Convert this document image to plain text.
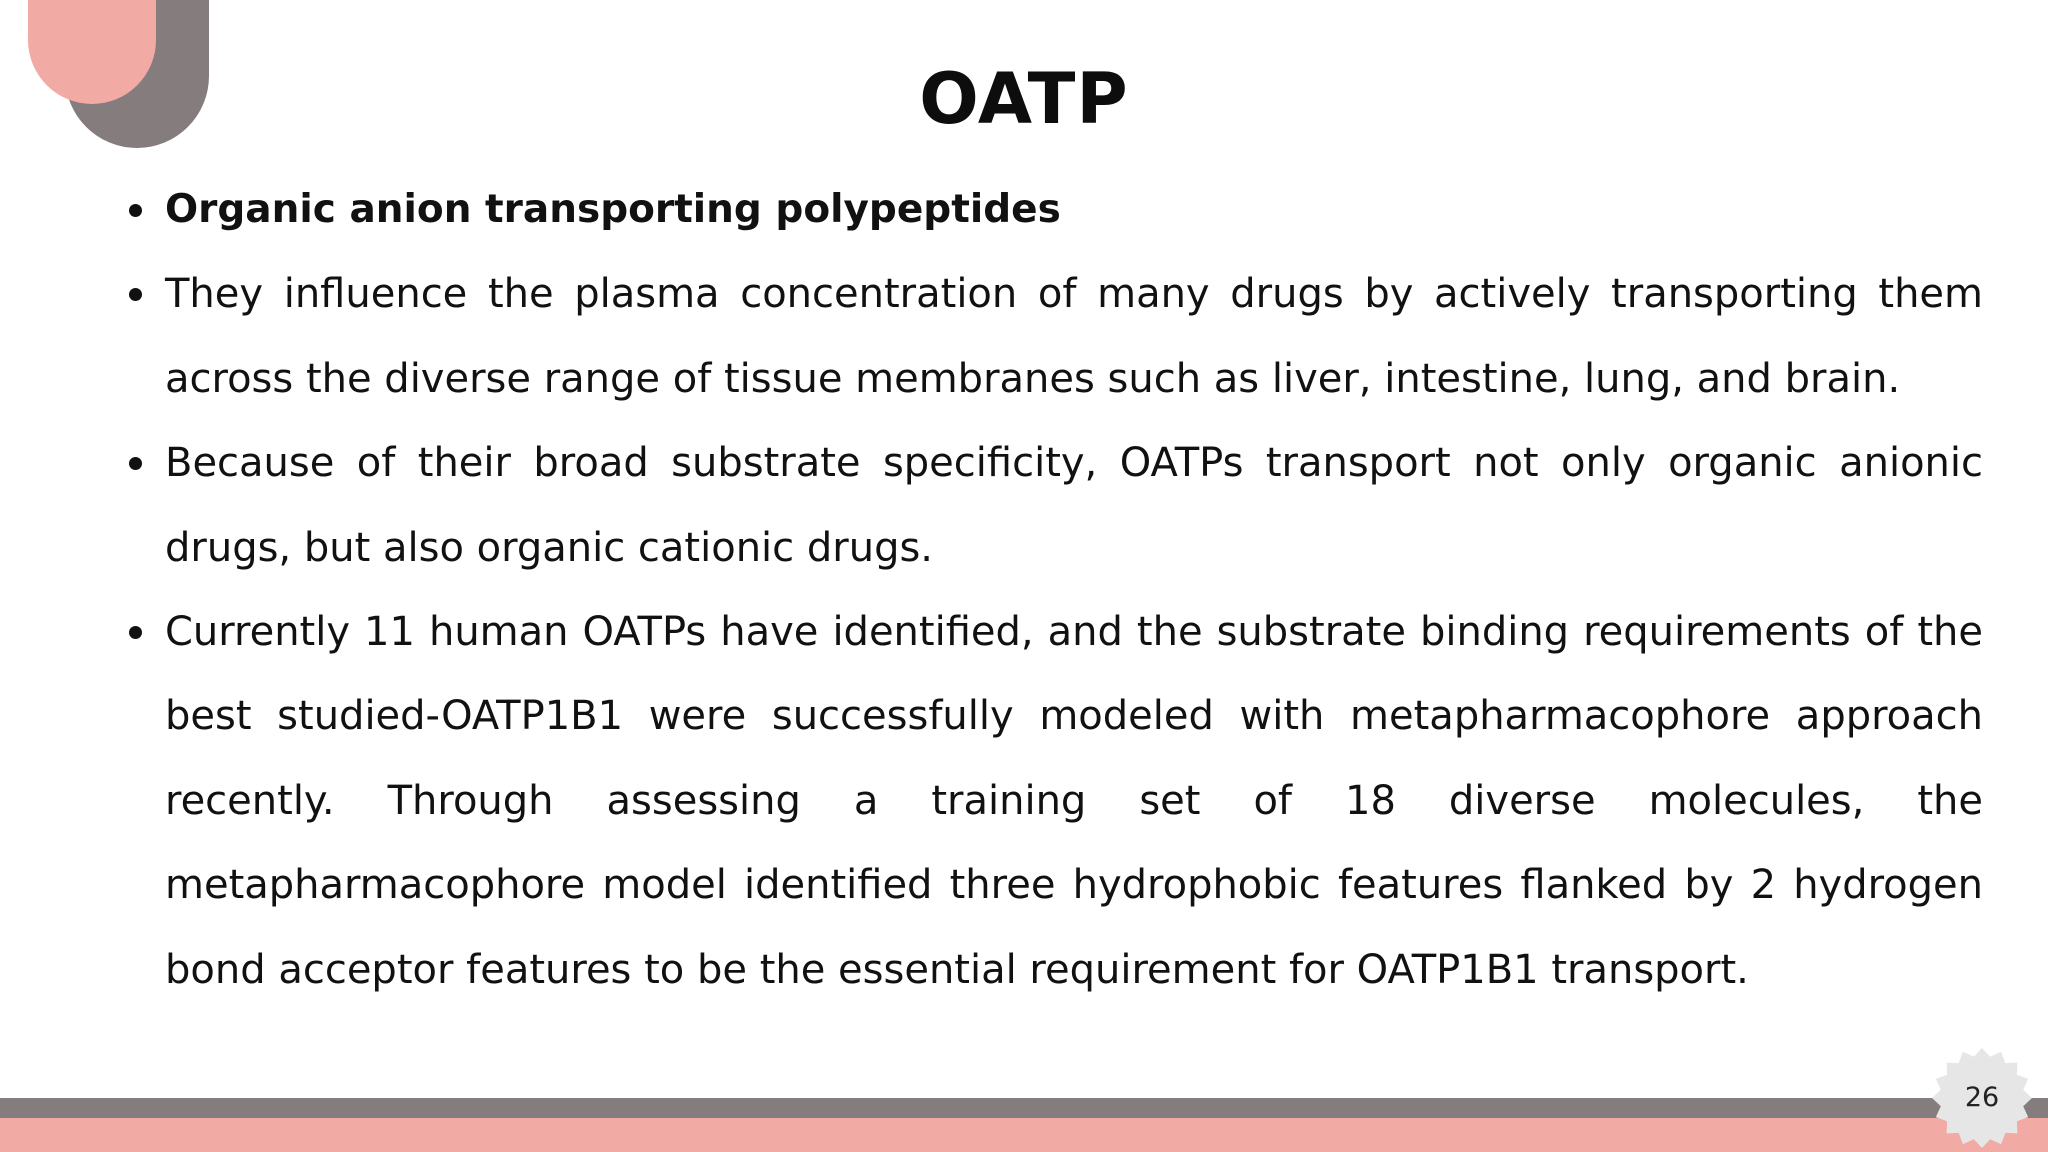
OATP
Organic anion transporting polypeptides
They influence the plasma concentration of many drugs by actively transporting them across the diverse range of tissue membranes such as liver, intestine, lung, and brain.
Because of their broad substrate specificity, OATPs transport not only organic anionic drugs, but also organic cationic drugs.
Currently 11 human OATPs have identified, and the substrate binding requirements of the best studied-OATP1B1 were successfully modeled with metapharmacophore approach recently. Through assessing a training set of 18 diverse molecules, the metapharmacophore model identified three hydrophobic features flanked by 2 hydrogen bond acceptor features to be the essential requirement for OATP1B1 transport.
26
